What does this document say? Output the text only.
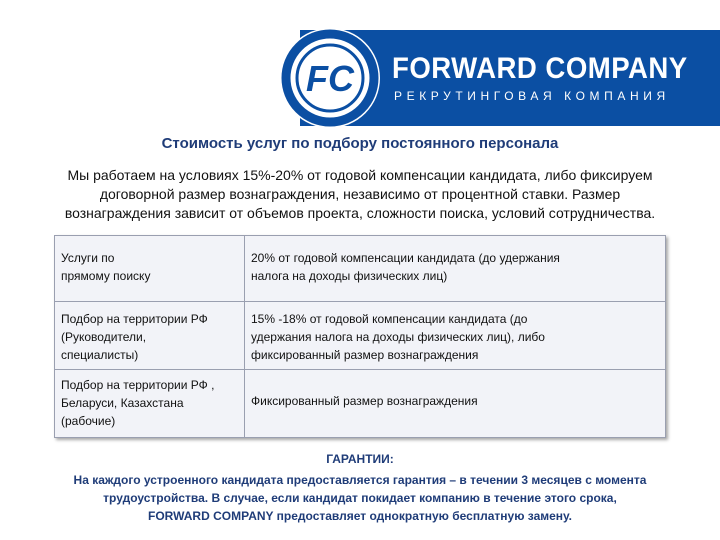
FC FORWARD COMPANY
РЕКРУТИНГОВАЯ КОМПАНИЯ
Стоимость услуг по подбору постоянного персонала
Мы работаем на условиях 15%-20% от годовой компенсации кандидата, либо фиксируем
договорной размер вознаграждения, независимо от процентной ставки. Размер
вознаграждения зависит от объемов проекта, сложности поиска, условий сотрудничества.
Услуги по
прямому поиску	20% от годовой компенсации кандидата (до удержания
налога на доходы физических лиц)

Подбор на территории РФ
(Руководители,
специалисты)	15% -18% от годовой компенсации кандидата (до
удержания налога на доходы физических лиц), либо
фиксированный размер вознаграждения

Подбор на территории РФ ,
Беларуси, Казахстана
(рабочие)	Фиксированный размер вознаграждения
ГАРАНТИИ:
На каждого устроенного кандидата предоставляется гарантия – в течении 3 месяцев с момента
трудоустройства. В случае, если кандидат покидает компанию в течение этого срока,
FORWARD COMPANY предоставляет однократную бесплатную замену.
